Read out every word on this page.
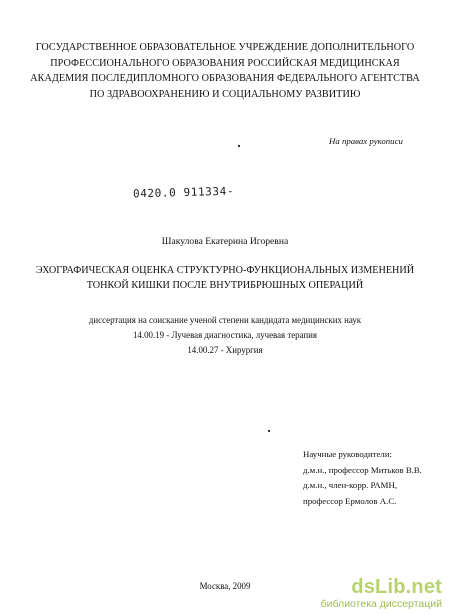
ГОСУДАРСТВЕННОЕ ОБРАЗОВАТЕЛЬНОЕ УЧРЕЖДЕНИЕ ДОПОЛНИТЕЛЬНОГО
ПРОФЕССИОНАЛЬНОГО ОБРАЗОВАНИЯ РОССИЙСКАЯ МЕДИЦИНСКАЯ
АКАДЕМИЯ ПОСЛЕДИПЛОМНОГО ОБРАЗОВАНИЯ ФЕДЕРАЛЬНОГО АГЕНТСТВА
ПО ЗДРАВООХРАНЕНИЮ И СОЦИАЛЬНОМУ РАЗВИТИЮ
На правах рукописи
0420.0 911334-
Шакулова Екатерина Игоревна
ЭХОГРАФИЧЕСКАЯ ОЦЕНКА СТРУКТУРНО-ФУНКЦИОНАЛЬНЫХ ИЗМЕНЕНИЙ
ТОНКОЙ КИШКИ ПОСЛЕ ВНУТРИБРЮШНЫХ ОПЕРАЦИЙ
диссертация на соискание ученой степени кандидата медицинских наук
14.00.19 - Лучевая диагностика, лучевая терапия
14.00.27 - Хирургия
Научные руководители:
д.м.н., профессор Митьков В.В.
д.м.н., член-корр. РАМН,
профессор Ермолов А.С.
Москва, 2009	dsLib.net
библиотека диссертаций
